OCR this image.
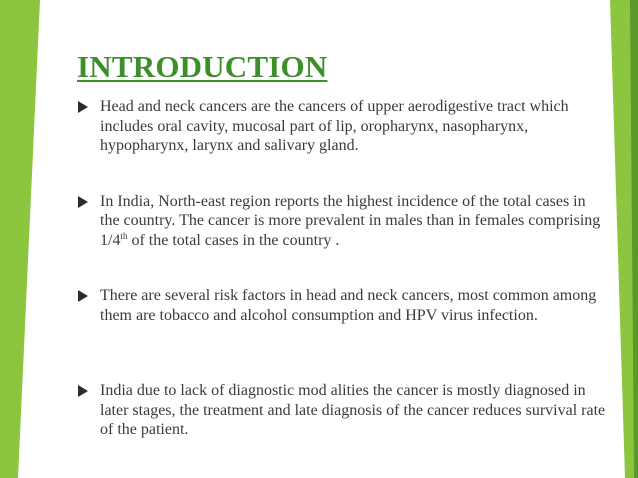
INTRODUCTION
Head and neck cancers are the cancers of upper aerodigestive tract which includes oral cavity, mucosal part of lip, oropharynx, nasopharynx, hypopharynx, larynx and salivary gland.
In India, North-east region reports the highest incidence of the total cases in the country. The cancer is more prevalent in males than in females comprising 1/4th of the total cases in the country .
There are several risk factors in head and neck cancers, most common among them are tobacco and alcohol consumption and HPV virus infection.
India due to lack of diagnostic mod alities the cancer is mostly diagnosed in later stages, the treatment and late diagnosis of the cancer reduces survival rate of the patient.
